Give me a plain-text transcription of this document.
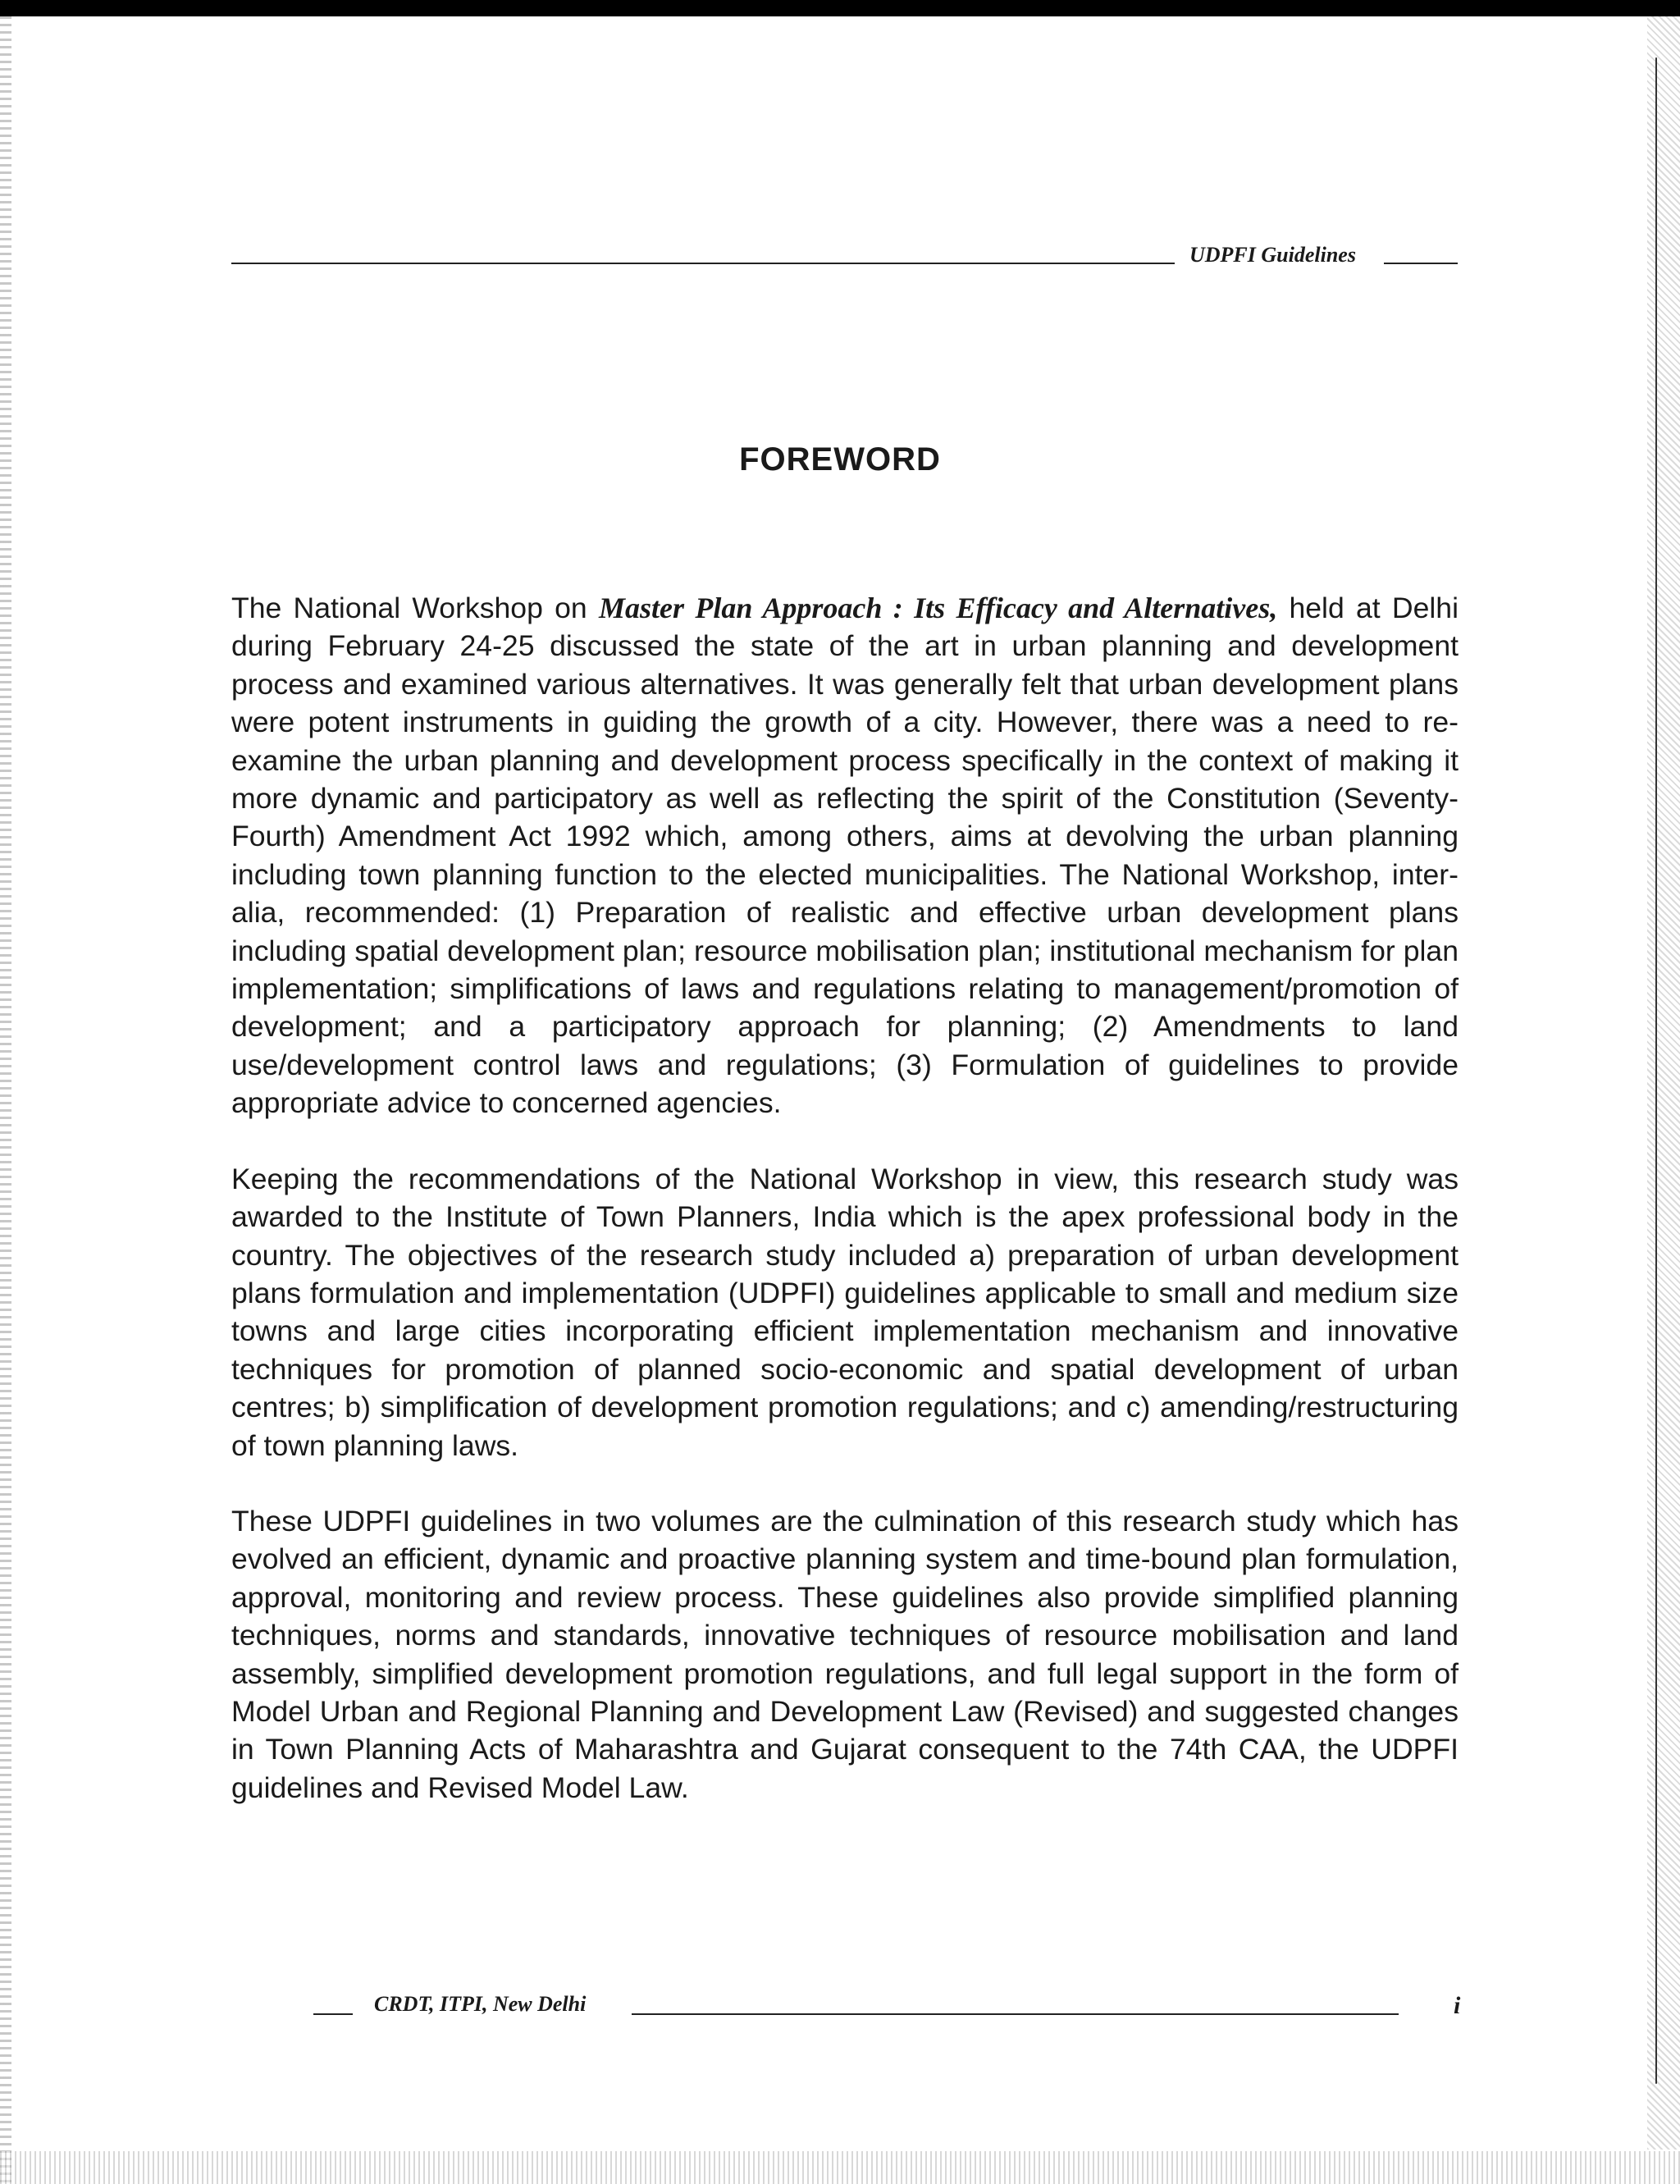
UDPFI Guidelines
FOREWORD

The National Workshop on Master Plan Approach : Its Efficacy and Alternatives, held at Delhi during February 24-25 discussed the state of the art in urban planning and development process and examined various alternatives. It was generally felt that urban development plans were potent instruments in guiding the growth of a city. However, there was a need to re-examine the urban planning and development process specifically in the context of making it more dynamic and participatory as well as reflecting the spirit of the Constitution (Seventy-Fourth) Amendment Act 1992 which, among others, aims at devolving the urban planning including town planning function to the elected municipalities. The National Workshop, inter-alia, recommended: (1) Preparation of realistic and effective urban development plans including spatial development plan; resource mobilisation plan; institutional mechanism for plan implementation; simplifications of laws and regulations relating to management/promotion of development; and a participatory approach for planning; (2) Amendments to land use/development control laws and regulations; (3) Formulation of guidelines to provide appropriate advice to concerned agencies.

Keeping the recommendations of the National Workshop in view, this research study was awarded to the Institute of Town Planners, India which is the apex professional body in the country. The objectives of the research study included a) preparation of urban development plans formulation and implementation (UDPFI) guidelines applicable to small and medium size towns and large cities incorporating efficient implementation mechanism and innovative techniques for promotion of planned socio-economic and spatial development of urban centres; b) simplification of development promotion regulations; and c) amending/restructuring of town planning laws.

These UDPFI guidelines in two volumes are the culmination of this research study which has evolved an efficient, dynamic and proactive planning system and time-bound plan formulation, approval, monitoring and review process. These guidelines also provide simplified planning techniques, norms and standards, innovative techniques of resource mobilisation and land assembly, simplified development promotion regulations, and full legal support in the form of Model Urban and Regional Planning and Development Law (Revised) and suggested changes in Town Planning Acts of Maharashtra and Gujarat consequent to the 74th CAA, the UDPFI guidelines and Revised Model Law.

CRDT, ITPI, New Delhi	i
